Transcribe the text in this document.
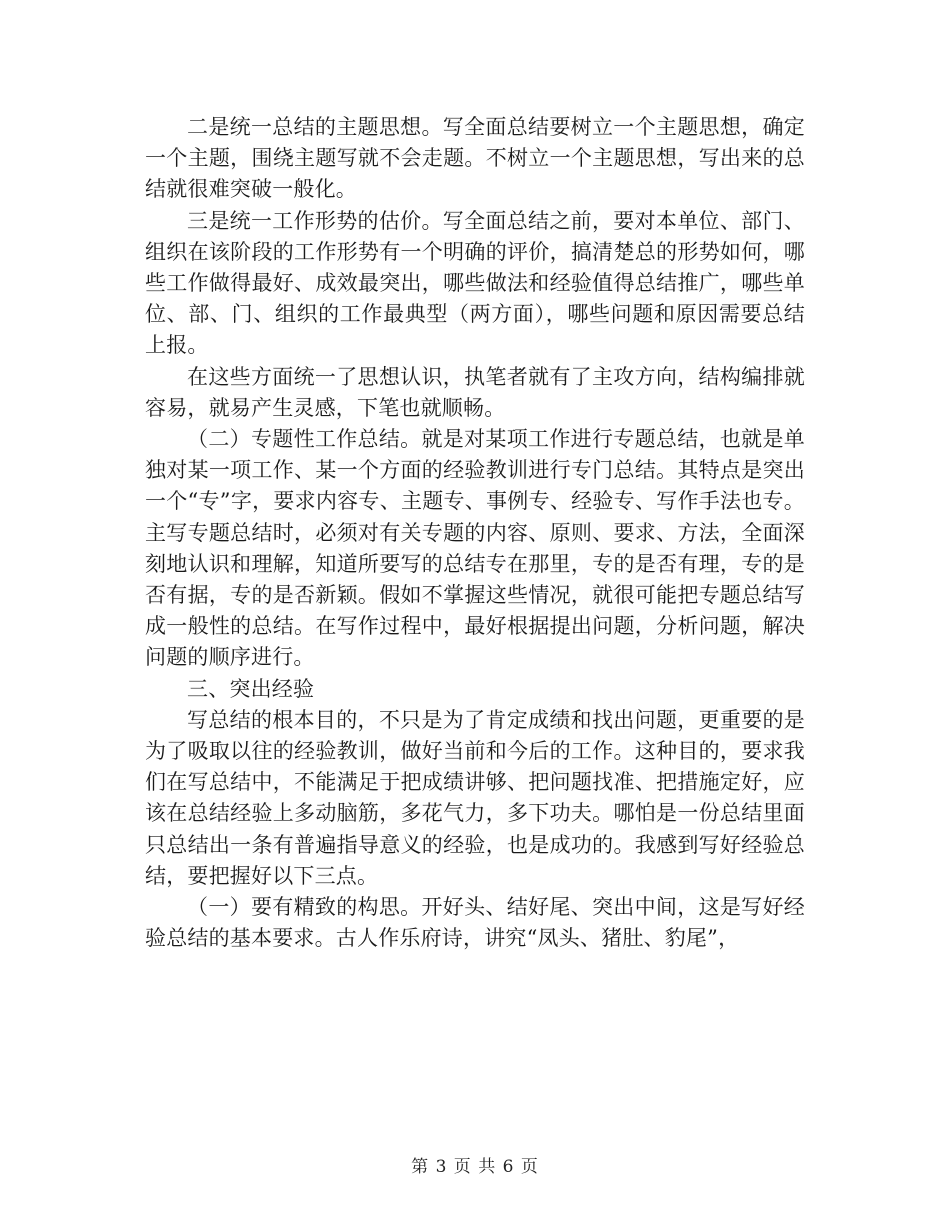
二是统一总结的主题思想。写全面总结要树立一个主题思想，确定一个主题，围绕主题写就不会走题。不树立一个主题思想，写出来的总结就很难突破一般化。

三是统一工作形势的估价。写全面总结之前，要对本单位、部门、组织在该阶段的工作形势有一个明确的评价，搞清楚总的形势如何，哪些工作做得最好、成效最突出，哪些做法和经验值得总结推广，哪些单位、部、门、组织的工作最典型（两方面），哪些问题和原因需要总结上报。

在这些方面统一了思想认识，执笔者就有了主攻方向，结构编排就容易，就易产生灵感，下笔也就顺畅。

（二）专题性工作总结。就是对某项工作进行专题总结，也就是单独对某一项工作、某一个方面的经验教训进行专门总结。其特点是突出一个“专”字，要求内容专、主题专、事例专、经验专、写作手法也专。主写专题总结时，必须对有关专题的内容、原则、要求、方法，全面深刻地认识和理解，知道所要写的总结专在那里，专的是否有理，专的是否有据，专的是否新颖。假如不掌握这些情况，就很可能把专题总结写成一般性的总结。在写作过程中，最好根据提出问题，分析问题，解决问题的顺序进行。

三、突出经验

写总结的根本目的，不只是为了肯定成绩和找出问题，更重要的是为了吸取以往的经验教训，做好当前和今后的工作。这种目的，要求我们在写总结中，不能满足于把成绩讲够、把问题找准、把措施定好，应该在总结经验上多动脑筋，多花气力，多下功夫。哪怕是一份总结里面只总结出一条有普遍指导意义的经验，也是成功的。我感到写好经验总结，要把握好以下三点。

（一）要有精致的构思。开好头、结好尾、突出中间，这是写好经验总结的基本要求。古人作乐府诗，讲究“凤头、猪肚、豹尾”，

第 3 页 共 6 页
